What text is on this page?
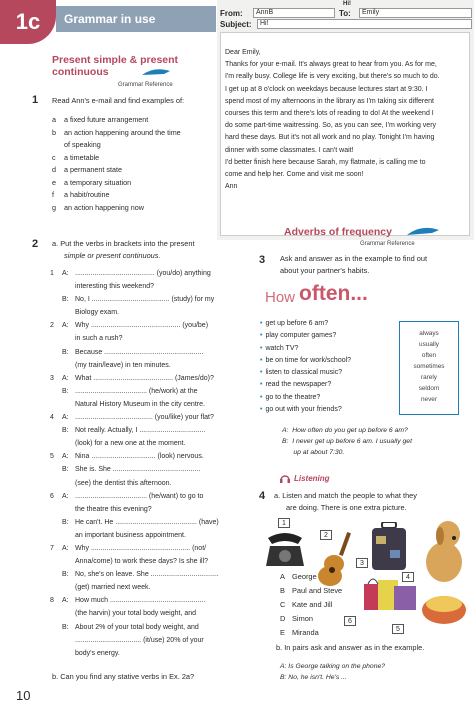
1c	Grammar in use
Hi!
From:	AnnB	To:	Emily
Subject:	Hi!
Dear Emily,
Thanks for your e-mail. It's always great to hear from you. As for me,
I'm really busy. College life is very exciting, but there's so much to do.
I get up at 8 o'clock on weekdays because lectures start at 9:30. I
spend most of my afternoons in the library as I'm taking six different
courses this term and there's lots of reading to do! At the weekend I
do some part-time waitressing. So, as you can see, I'm working very
hard these days. But it's not all work and no play. Tonight I'm having
dinner with some classmates. I can't wait!
I'd better finish here because Sarah, my flatmate, is calling me to
come and help her. Come and visit me soon!
Ann
Present simple & present
continuous
Grammar Reference
1 Read Ann's e-mail and find examples of:
a	a fixed future arrangement
b	an action happening around the time
of speaking
c	a timetable
d	a permanent state
e	a temporary situation
f	a habit/routine
g	an action happening now
2 a. Put the verbs in brackets into the present
simple or present continuous.
1	A: ......................................... (you/do) anything
interesting this weekend?
B: No, I ........................................ (study) for my
Biology exam.
2	A: Why .............................................. (you/be)
in such a rush?
B: Because ...................................................
(my train/leave) in ten minutes.
3	A: What ......................................... (James/do)?
B: ..................................... (he/work) at the
Natural History Museum in the city centre.
4	A: ........................................ (you/like) your flat?
B: Not really. Actually, I ..................................
(look) for a new one at the moment.
5	A: Nina ................................. (look) nervous.
B: She is. She .............................................
(see) the dentist this afternoon.
6	A: ..................................... (he/want) to go to
the theatre this evening?
B: He can't. He .......................................... (have)
an important business appointment.
7	A: Why ................................................... (not/
Anna/come) to work these days? Is she ill?
B: No, she's on leave. She ...................................
(get) married next week.
8	A: How much .................................................
(the harvin) your total body weight, and
B: About 2% of your total body weight, and
.................................. (it/use) 20% of your
body's energy.
b. Can you find any stative verbs in Ex. 2a?
10
Adverbs of frequency
Grammar Reference
3 Ask and answer as in the example to find out
about your partner's habits.
How often...
• get up before 6 am?
• play computer games?
• watch TV?
• be on time for work/school?
• listen to classical music?
• read the newspaper?
• go to the theatre?
• go out with your friends?
always
usually
often
sometimes
rarely
seldom
never
A:  How often do you get up before 6 am?
B:  I never get up before 6 am. I usually get
up at about 7:30.
Listening
4 a. Listen and match the people to what they
are doing. There is one extra picture.
1
2
3
4
6
5
A George
B Paul and Steve
C Kate and Jill
D Simon
E Miranda
b. In pairs ask and answer as in the example.
A: Is George talking on the phone?
B: No, he isn't. He's ...
